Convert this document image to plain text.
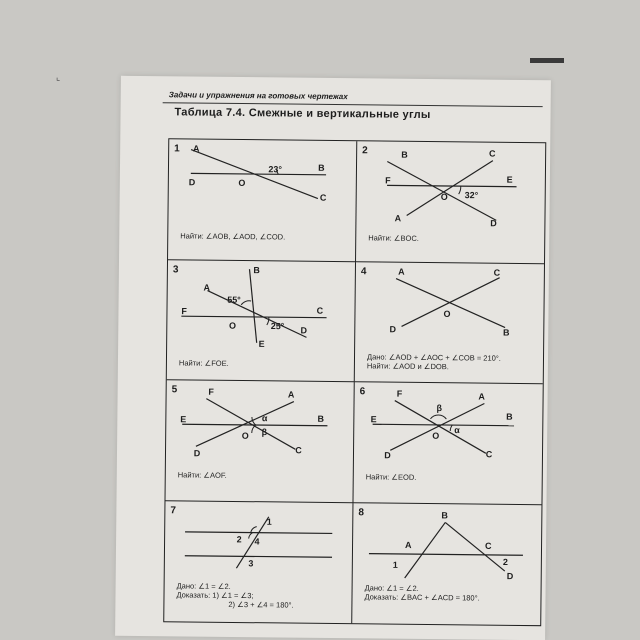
⌞
Задачи и упражнения на готовых чертежах
Таблица 7.4. Смежные и вертикальные углы
1 A
B
C
D	O
23°
Найти: ∠AOB, ∠AOD, ∠COD.
2	B	C
F	E
A	D
O 32°
Найти: ∠BOC.
3	B
A
F	C
D
E
O
55°
25°
Найти: ∠FOE.
4	A	C
D	B
O
Дано: ∠AOD + ∠AOC + ∠COB = 210°.
Найти: ∠AOD и ∠DOB.
5	F	A
E	B
D	C
O
α
β
Найти: ∠AOF.
6	F	A
E	B
D	C
O
β
α
Найти: ∠EOD.
7
1
2 4
3
Дано: ∠1 = ∠2.
Доказать: 1) ∠1 = ∠3;
2) ∠3 + ∠4 = 180°.
8	B
A	C
D
1	2
Дано: ∠1 = ∠2.
Доказать: ∠BAC + ∠ACD = 180°.
